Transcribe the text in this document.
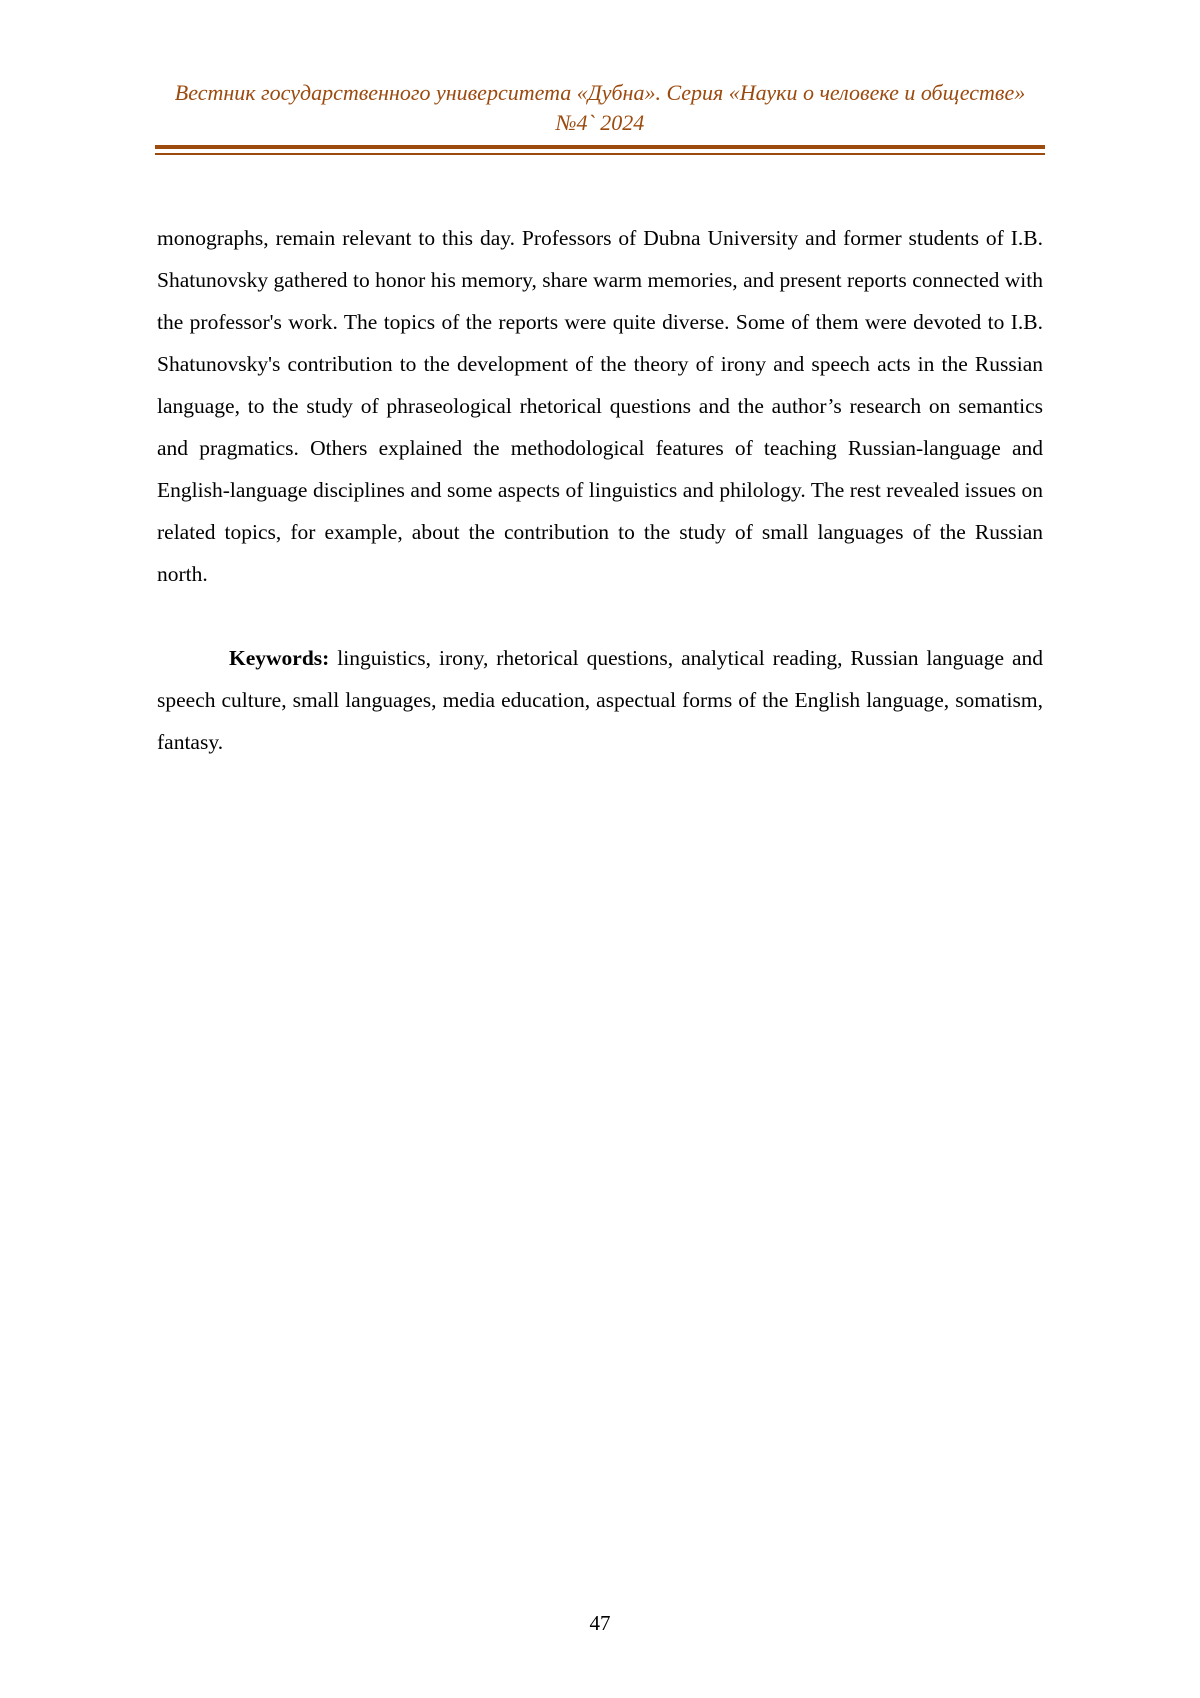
Вестник государственного университета «Дубна». Серия «Науки о человеке и обществе» №4` 2024

monographs, remain relevant to this day. Professors of Dubna University and former students of I.B. Shatunovsky gathered to honor his memory, share warm memories, and present reports connected with the professor's work. The topics of the reports were quite diverse. Some of them were devoted to I.B. Shatunovsky's contribution to the development of the theory of irony and speech acts in the Russian language, to the study of phraseological rhetorical questions and the author’s research on semantics and pragmatics. Others explained the methodological features of teaching Russian-language and English-language disciplines and some aspects of linguistics and philology. The rest revealed issues on related topics, for example, about the contribution to the study of small languages of the Russian north.

Keywords: linguistics, irony, rhetorical questions, analytical reading, Russian language and speech culture, small languages, media education, aspectual forms of the English language, somatism, fantasy.

47
